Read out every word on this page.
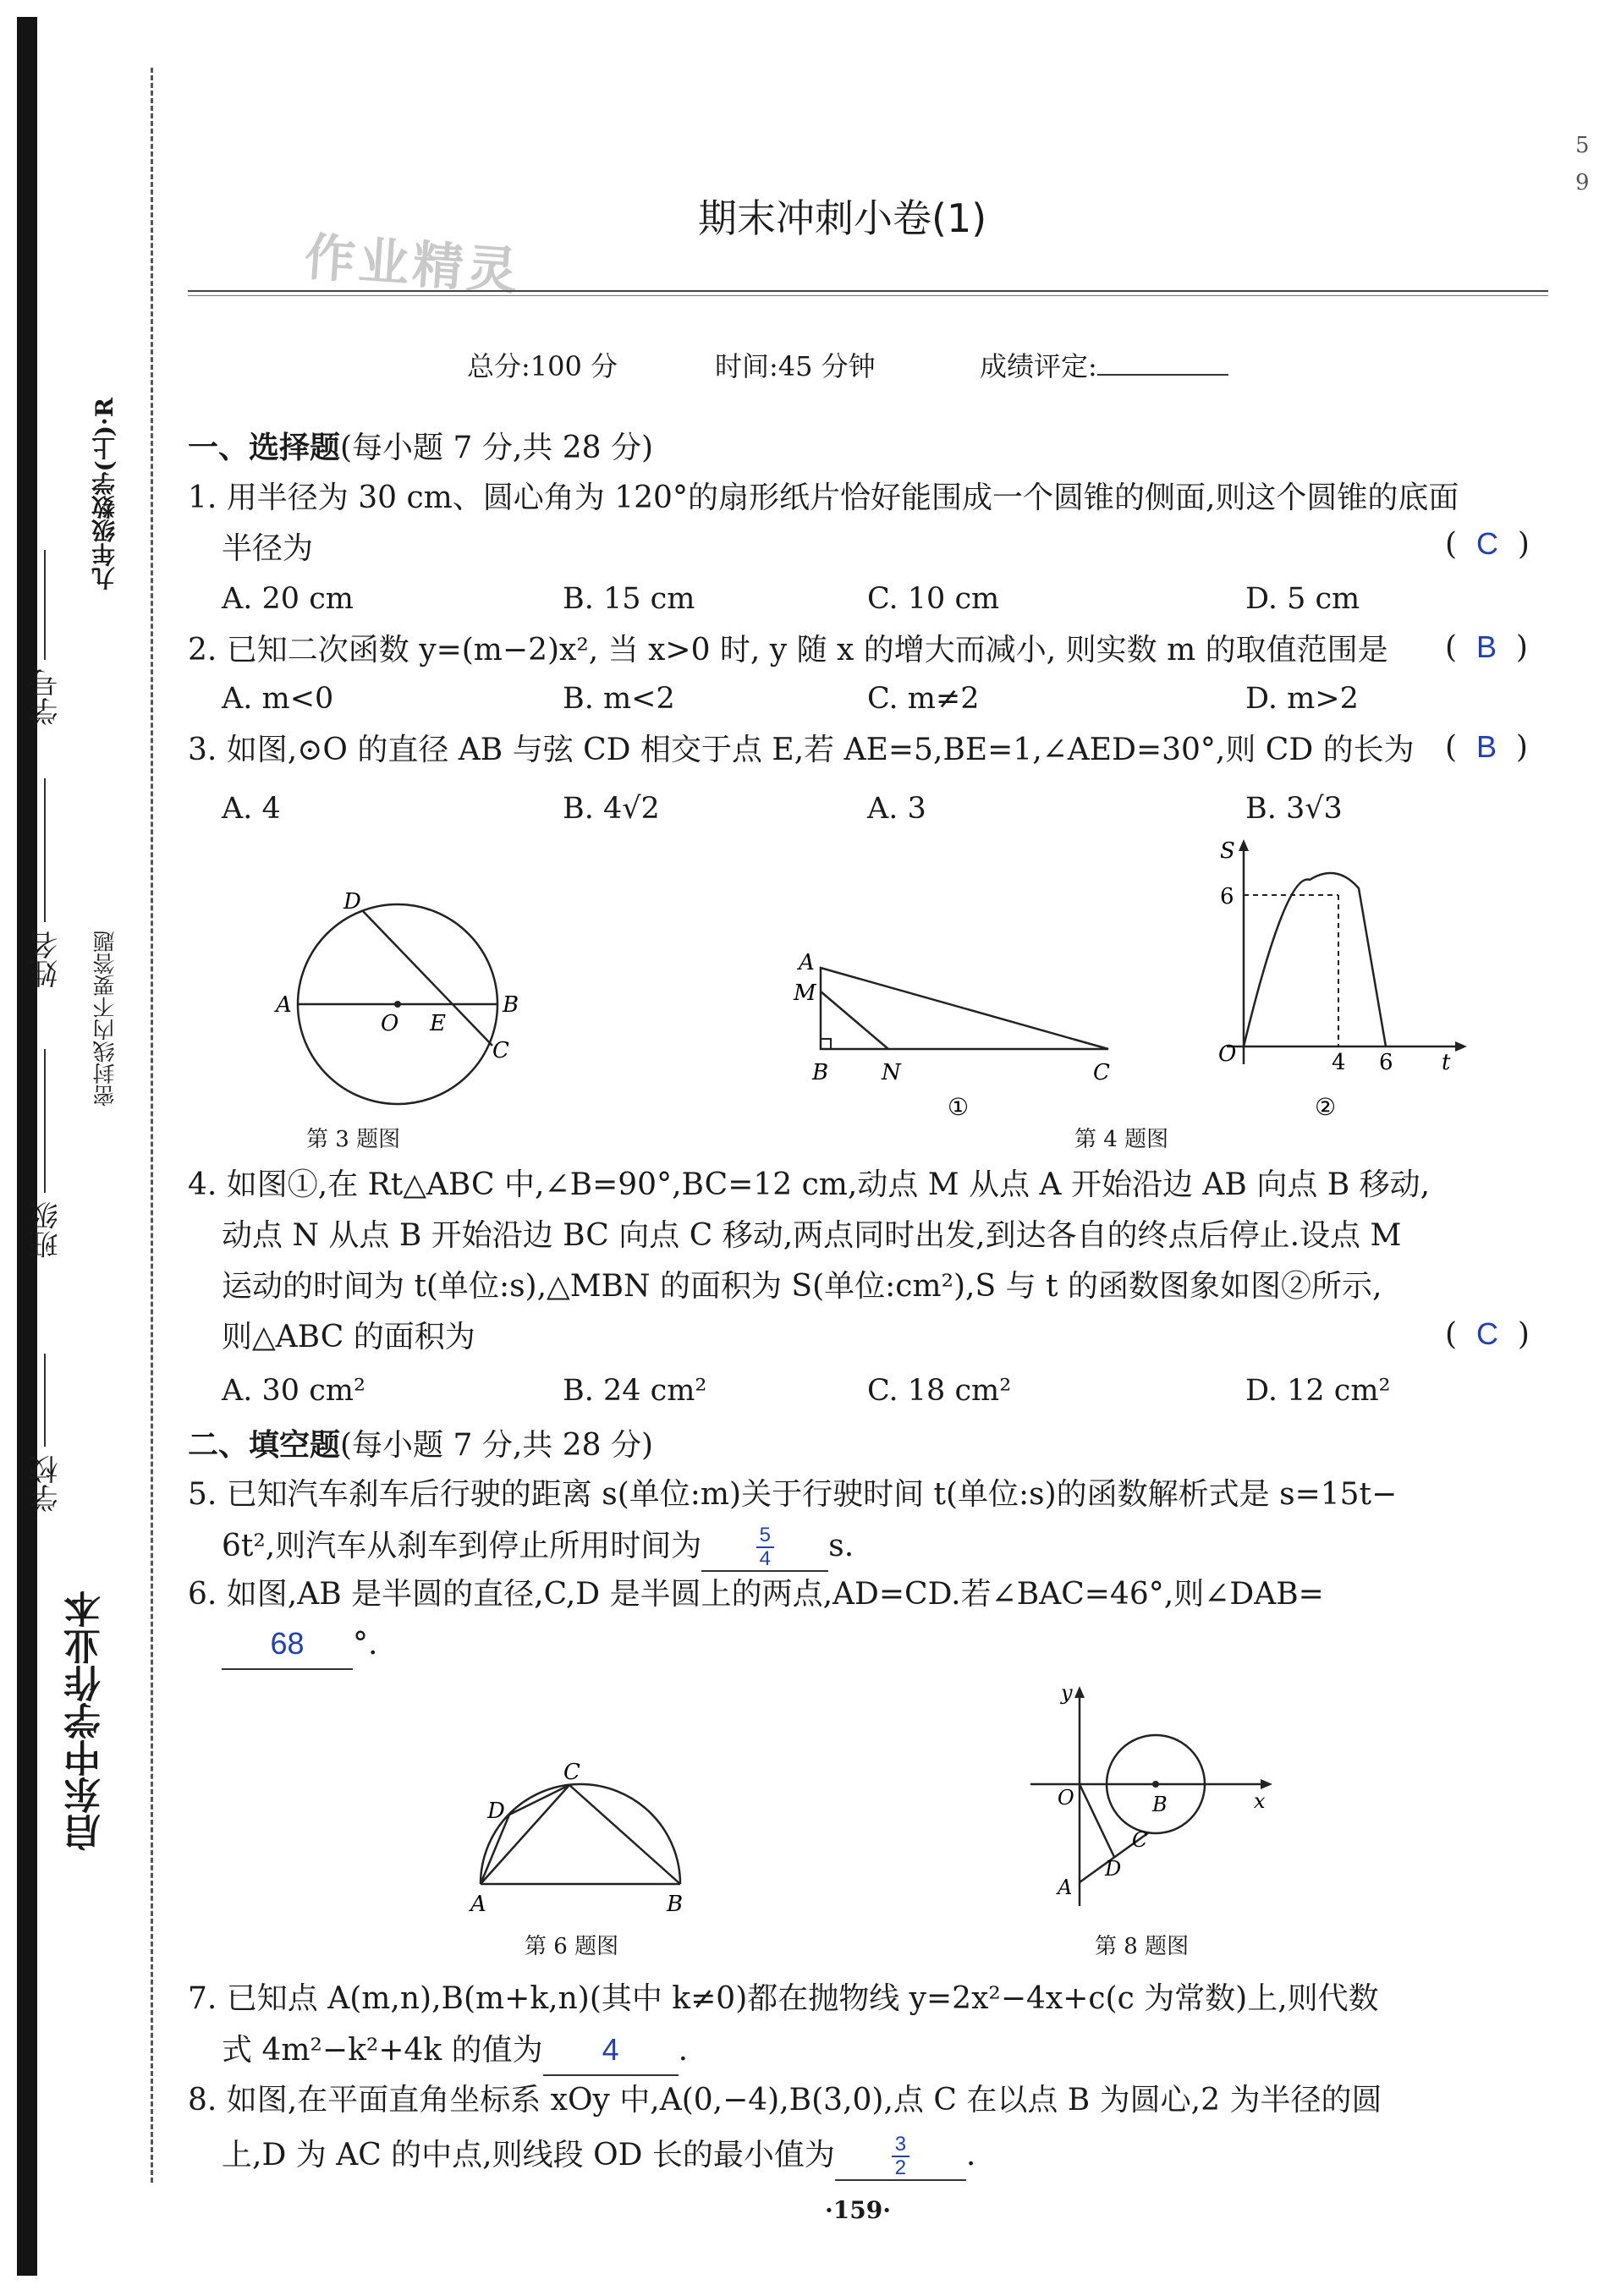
启东中学作业本
学校
班级
姓名
学号
密封线内不要答题
九年级数学(上)·R
5 9
期末冲刺小卷(1)
作业精灵
总分:100 分	时间:45 分钟	成绩评定:
一、选择题(每小题 7 分,共 28 分)
1. 用半径为 30 cm、圆心角为 120°的扇形纸片恰好能围成一个圆锥的侧面,则这个圆锥的底面
半径为	(  C  )
A. 20 cm	B. 15 cm	C. 10 cm	D. 5 cm
2. 已知二次函数 y=(m−2)x², 当 x>0 时, y 随 x 的增大而减小, 则实数 m 的取值范围是 (  B  )
A. m<0	B. m<2	C. m≠2	D. m>2
3. 如图,⊙O 的直径 AB 与弦 CD 相交于点 E,若 AE=5,BE=1,∠AED=30°,则 CD 的长为 (  B  )
A. 4	B. 4√2	A. 3	B. 3√3
D
A	B
O E
C
第 3 题图
A
M
B N	C
①
S
6
O	4 6 t
②
第 4 题图
4. 如图①,在 Rt△ABC 中,∠B=90°,BC=12 cm,动点 M 从点 A 开始沿边 AB 向点 B 移动,
动点 N 从点 B 开始沿边 BC 向点 C 移动,两点同时出发,到达各自的终点后停止.设点 M
运动的时间为 t(单位:s),△MBN 的面积为 S(单位:cm²),S 与 t 的函数图象如图②所示,
则△ABC 的面积为	(  C  )
A. 30 cm²	B. 24 cm²	C. 18 cm²	D. 12 cm²
二、填空题(每小题 7 分,共 28 分)
5. 已知汽车刹车后行驶的距离 s(单位:m)关于行驶时间 t(单位:s)的函数解析式是 s=15t−
6t²,则汽车从刹车到停止所用时间为	$\frac{5}{4} s$.
6. 如图,AB 是半圆的直径,C,D 是半圆上的两点,AD=CD.若∠BAC=46°,则∠DAB=
68 °.
C
D
A	B
第 6 题图
y
x
O	B
C
D
A
第 8 题图
7. 已知点 A(m,n),B(m+k,n)(其中 k≠0)都在抛物线 y=2x²−4x+c(c 为常数)上,则代数
式 4m²−k²+4k 的值为 4 .
8. 如图,在平面直角坐标系 xOy 中,A(0,−4),B(3,0),点 C 在以点 B 为圆心,2 为半径的圆
上,D 为 AC 的中点,则线段 OD 长的最小值为	$\frac{3}{2}$ .
·159·
